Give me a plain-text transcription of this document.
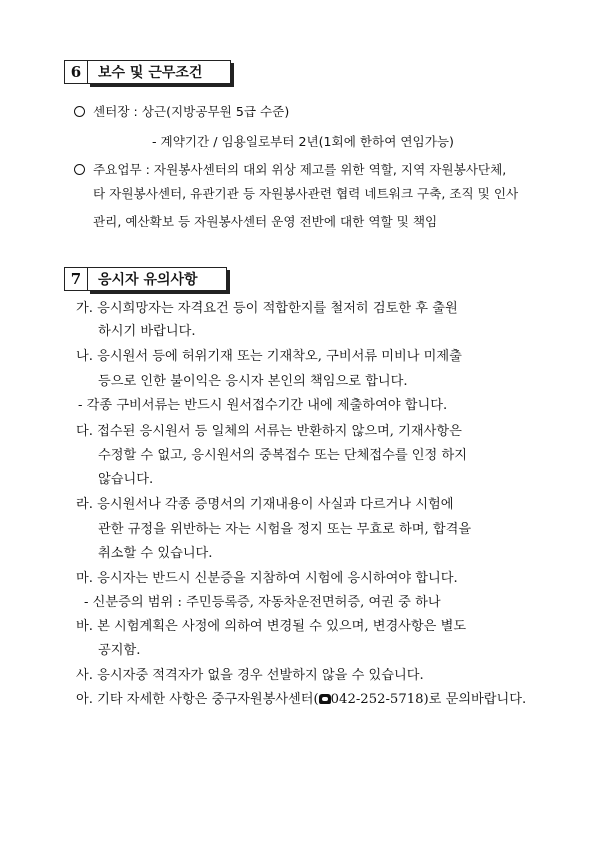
6	보수 및 근무조건
센터장 : 상근(지방공무원 5급 수준)
- 계약기간 / 임용일로부터 2년(1회에 한하여 연임가능)
주요업무 : 자원봉사센터의 대외 위상 제고를 위한 역할, 지역 자원봉사단체,
타 자원봉사센터, 유관기관 등 자원봉사관련 협력 네트워크 구축, 조직 및 인사
관리, 예산확보 등 자원봉사센터 운영 전반에 대한 역할 및 책임
7	응시자 유의사항
가. 응시희망자는 자격요건 등이 적합한지를 철저히 검토한 후 출원
하시기 바랍니다.
나. 응시원서 등에 허위기재 또는 기재착오, 구비서류 미비나 미제출
등으로 인한 불이익은 응시자 본인의 책임으로 합니다.
- 각종 구비서류는 반드시 원서접수기간 내에 제출하여야 합니다.
다. 접수된 응시원서 등 일체의 서류는 반환하지 않으며, 기재사항은
수정할 수 없고, 응시원서의 중복접수 또는 단체접수를 인정 하지
않습니다.
라. 응시원서나 각종 증명서의 기재내용이 사실과 다르거나 시험에
관한 규정을 위반하는 자는 시험을 정지 또는 무효로 하며, 합격을
취소할 수 있습니다.
마. 응시자는 반드시 신분증을 지참하여 시험에 응시하여야 합니다.
- 신분증의 범위 : 주민등록증, 자동차운전면허증, 여권 중 하나
바. 본 시험계획은 사정에 의하여 변경될 수 있으며, 변경사항은 별도
공지함.
사. 응시자중 적격자가 없을 경우 선발하지 않을 수 있습니다.
아. 기타 자세한 사항은 중구자원봉사센터( 042-252-5718)로 문의바랍니다.
